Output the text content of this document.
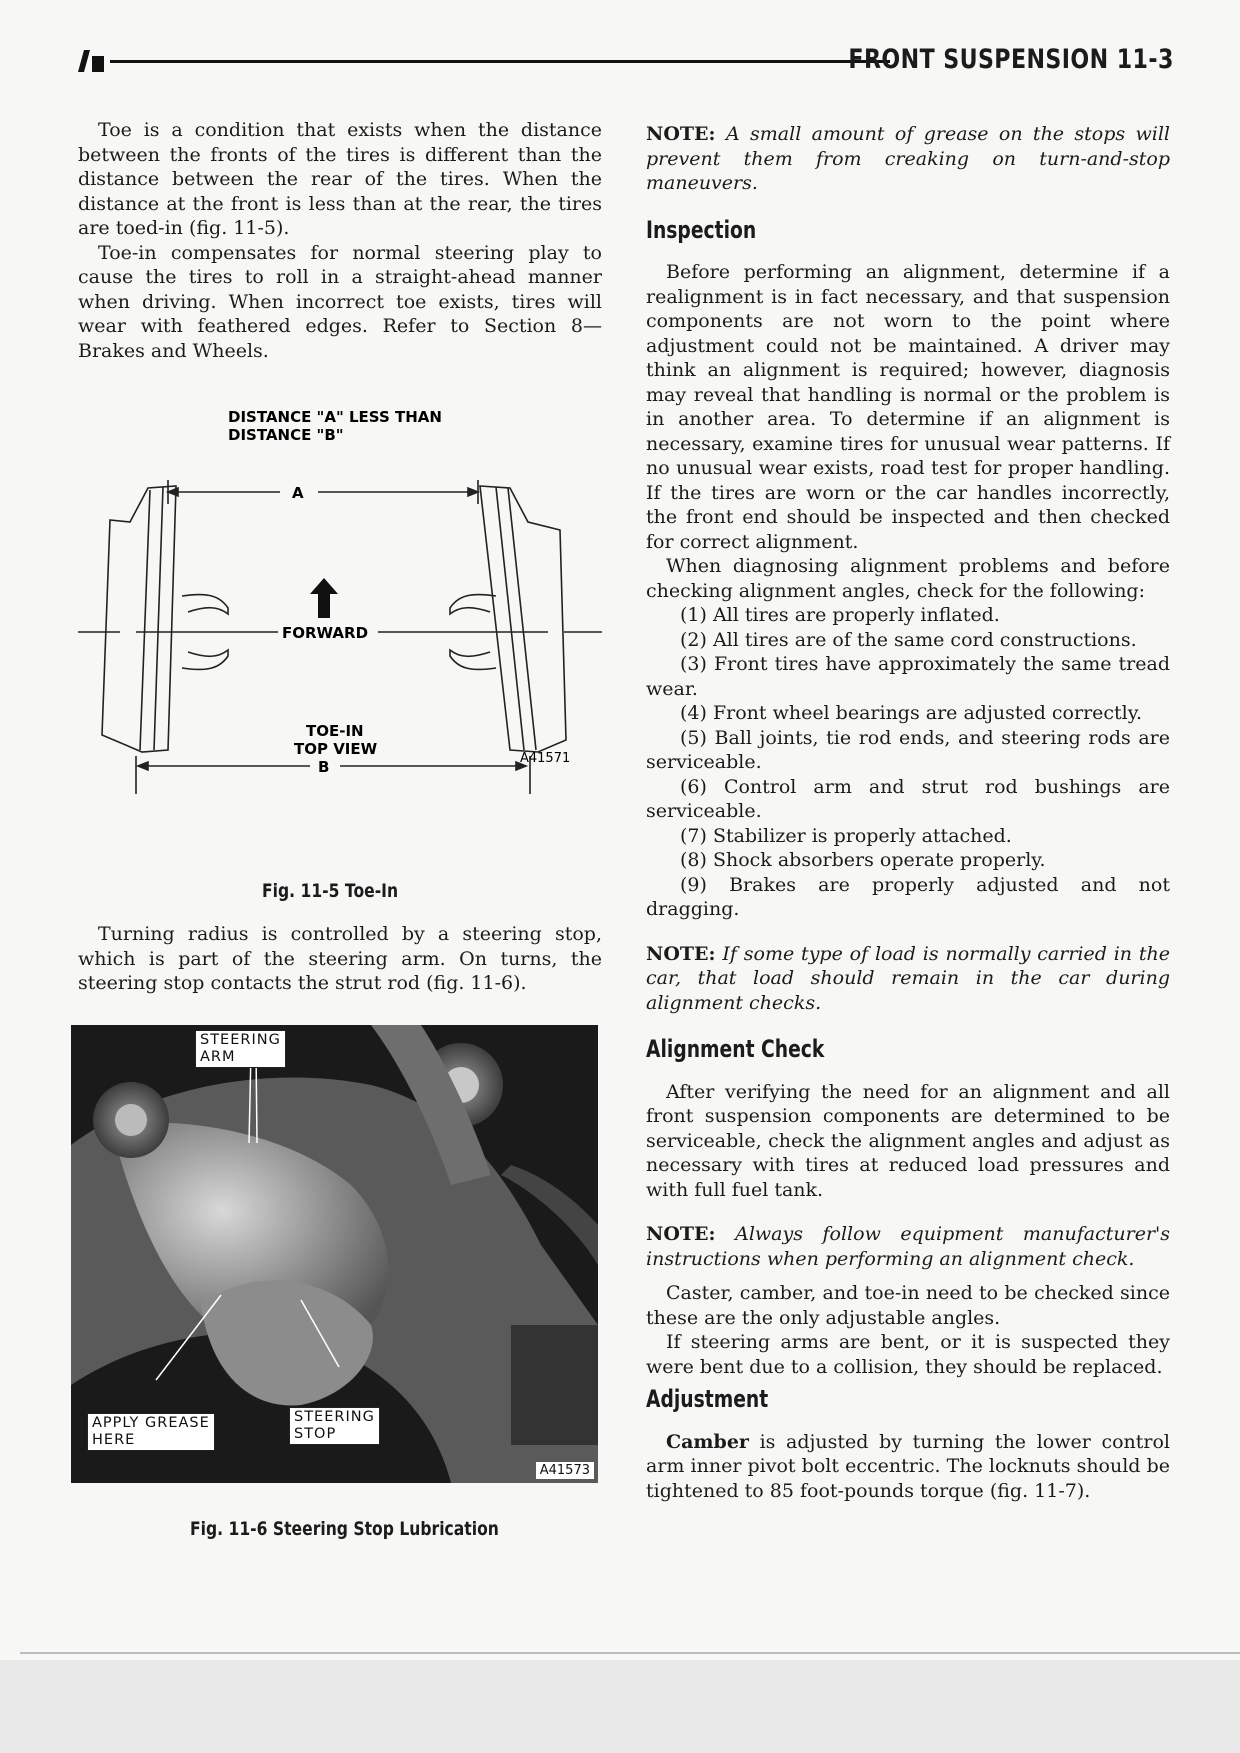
FRONT SUSPENSION 11-3

Toe is a condition that exists when the distance between the fronts of the tires is different than the distance between the rear of the tires. When the distance at the front is less than at the rear, the tires are toed-in (fig. 11-5).

Toe-in compensates for normal steering play to cause the tires to roll in a straight-ahead manner when driving. When incorrect toe exists, tires will wear with feathered edges. Refer to Section 8—Brakes and Wheels.

DISTANCE "A" LESS THAN
DISTANCE "B"
A
FORWARD
B
TOE-IN
TOP VIEW
A41571
Fig. 11-5 Toe-In

Turning radius is controlled by a steering stop, which is part of the steering arm. On turns, the steering stop contacts the strut rod (fig. 11-6).

STEERING
ARM
APPLY GREASE
HERE
STEERING
STOP
A41573
Fig. 11-6 Steering Stop Lubrication

NOTE: A small amount of grease on the stops will prevent them from creaking on turn-and-stop maneuvers.

Inspection

Before performing an alignment, determine if a realignment is in fact necessary, and that suspension components are not worn to the point where adjustment could not be maintained. A driver may think an alignment is required; however, diagnosis may reveal that handling is normal or the problem is in another area. To determine if an alignment is necessary, examine tires for unusual wear patterns. If no unusual wear exists, road test for proper handling. If the tires are worn or the car handles incorrectly, the front end should be inspected and then checked for correct alignment.

When diagnosing alignment problems and before checking alignment angles, check for the following:

(1) All tires are properly inflated.

(2) All tires are of the same cord constructions.

(3) Front tires have approximately the same tread wear.

(4) Front wheel bearings are adjusted correctly.

(5) Ball joints, tie rod ends, and steering rods are serviceable.

(6) Control arm and strut rod bushings are serviceable.

(7) Stabilizer is properly attached.

(8) Shock absorbers operate properly.

(9) Brakes are properly adjusted and not dragging.

NOTE: If some type of load is normally carried in the car, that load should remain in the car during alignment checks.

Alignment Check

After verifying the need for an alignment and all front suspension components are determined to be serviceable, check the alignment angles and adjust as necessary with tires at reduced load pressures and with full fuel tank.

NOTE: Always follow equipment manufacturer's instructions when performing an alignment check.

Caster, camber, and toe-in need to be checked since these are the only adjustable angles.

If steering arms are bent, or it is suspected they were bent due to a collision, they should be replaced.

Adjustment

Camber is adjusted by turning the lower control arm inner pivot bolt eccentric. The locknuts should be tightened to 85 foot-pounds torque (fig. 11-7).
